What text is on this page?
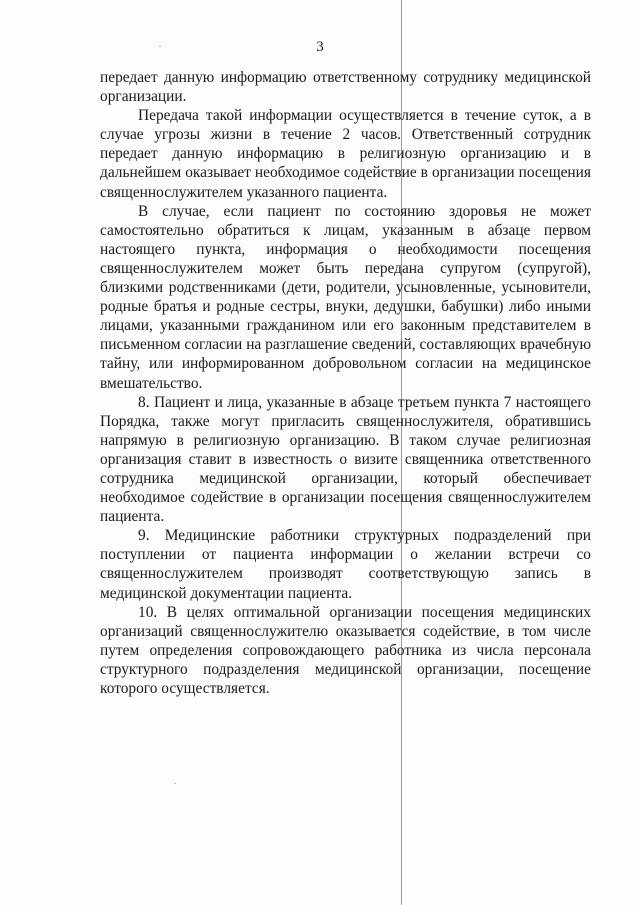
3

передает данную информацию ответственному сотруднику медицинской организации.

Передача такой информации осуществляется в течение суток, а в случае угрозы жизни в течение 2 часов. Ответственный сотрудник передает данную информацию в религиозную организацию и в дальнейшем оказывает необходимое содействие в организации посещения священнослужителем указанного пациента.

В случае, если пациент по состоянию здоровья не может самостоятельно обратиться к лицам, указанным в абзаце первом настоящего пункта, информация о необходимости посещения священнослужителем может быть передана супругом (супругой), близкими родственниками (дети, родители, усыновленные, усыновители, родные братья и родные сестры, внуки, дедушки, бабушки) либо иными лицами, указанными гражданином или его законным представителем в письменном согласии на разглашение сведений, составляющих врачебную тайну, или информированном добровольном согласии на медицинское вмешательство.

8. Пациент и лица, указанные в абзаце третьем пункта 7 настоящего Порядка, также могут пригласить священнослужителя, обратившись напрямую в религиозную организацию. В таком случае религиозная организация ставит в известность о визите священника ответственного сотрудника медицинской организации, который обеспечивает необходимое содействие в организации посещения священнослужителем пациента.

9. Медицинские работники структурных подразделений при поступлении от пациента информации о желании встречи со священнослужителем производят соответствующую запись в медицинской документации пациента.

10. В целях оптимальной организации посещения медицинских организаций священнослужителю оказывается содействие, в том числе путем определения сопровождающего работника из числа персонала структурного подразделения медицинской организации, посещение которого осуществляется.
